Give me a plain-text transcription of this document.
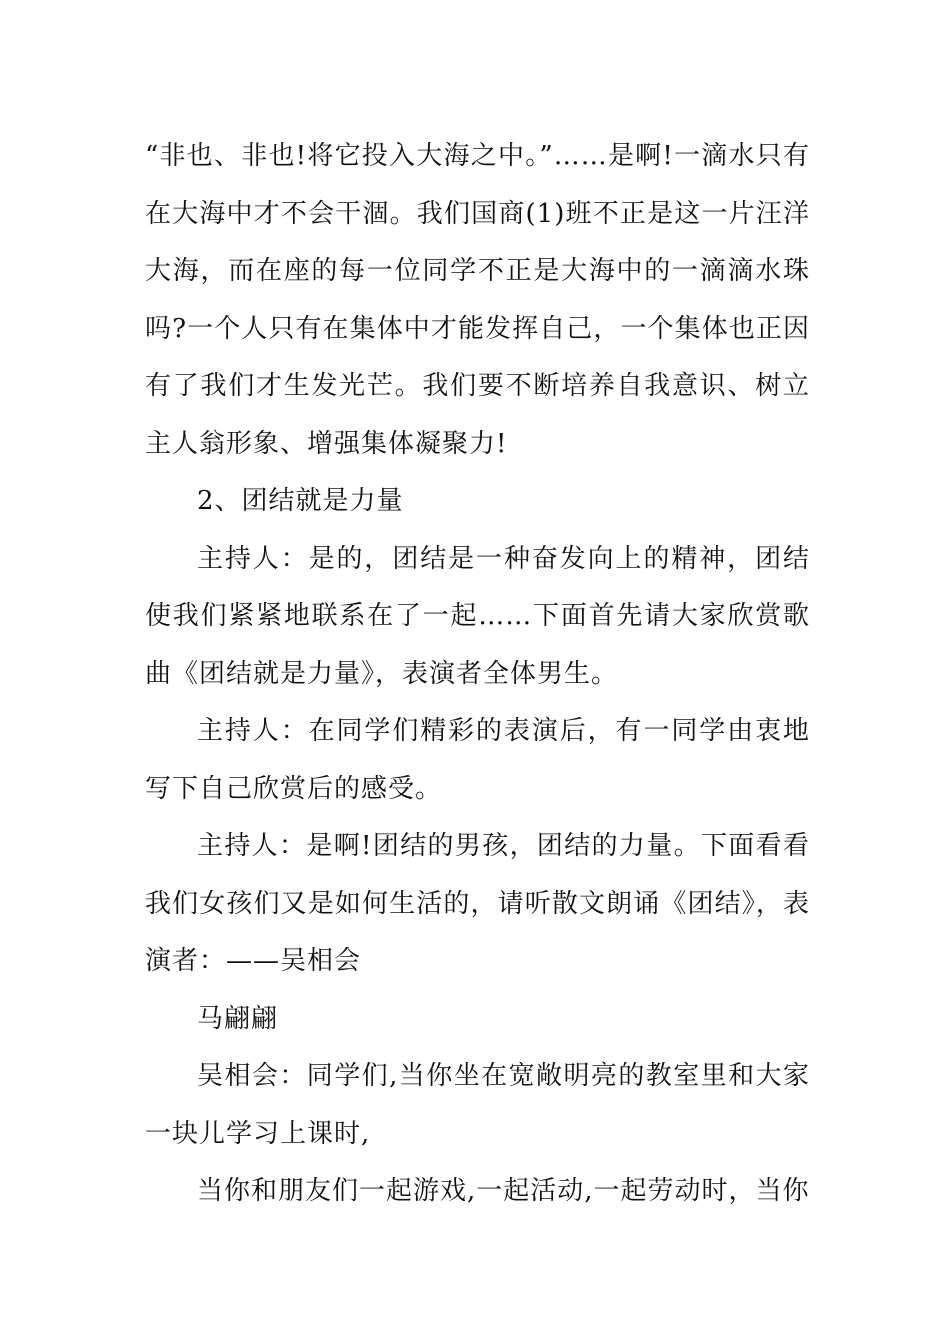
“非也、非也!将它投入大海之中。”……是啊!一滴水只有在大海中才不会干涸。我们国商(1)班不正是这一片汪洋大海，而在座的每一位同学不正是大海中的一滴滴水珠吗?一个人只有在集体中才能发挥自己，一个集体也正因有了我们才生发光芒。我们要不断培养自我意识、树立主人翁形象、增强集体凝聚力!

2、团结就是力量

主持人：是的，团结是一种奋发向上的精神，团结使我们紧紧地联系在了一起……下面首先请大家欣赏歌曲《团结就是力量》，表演者全体男生。

主持人：在同学们精彩的表演后，有一同学由衷地写下自己欣赏后的感受。

主持人：是啊!团结的男孩，团结的力量。下面看看我们女孩们又是如何生活的，请听散文朗诵《团结》，表演者：——吴相会

马翩翩

吴相会：同学们,当你坐在宽敞明亮的教室里和大家一块儿学习上课时,

当你和朋友们一起游戏,一起活动,一起劳动时，当你
